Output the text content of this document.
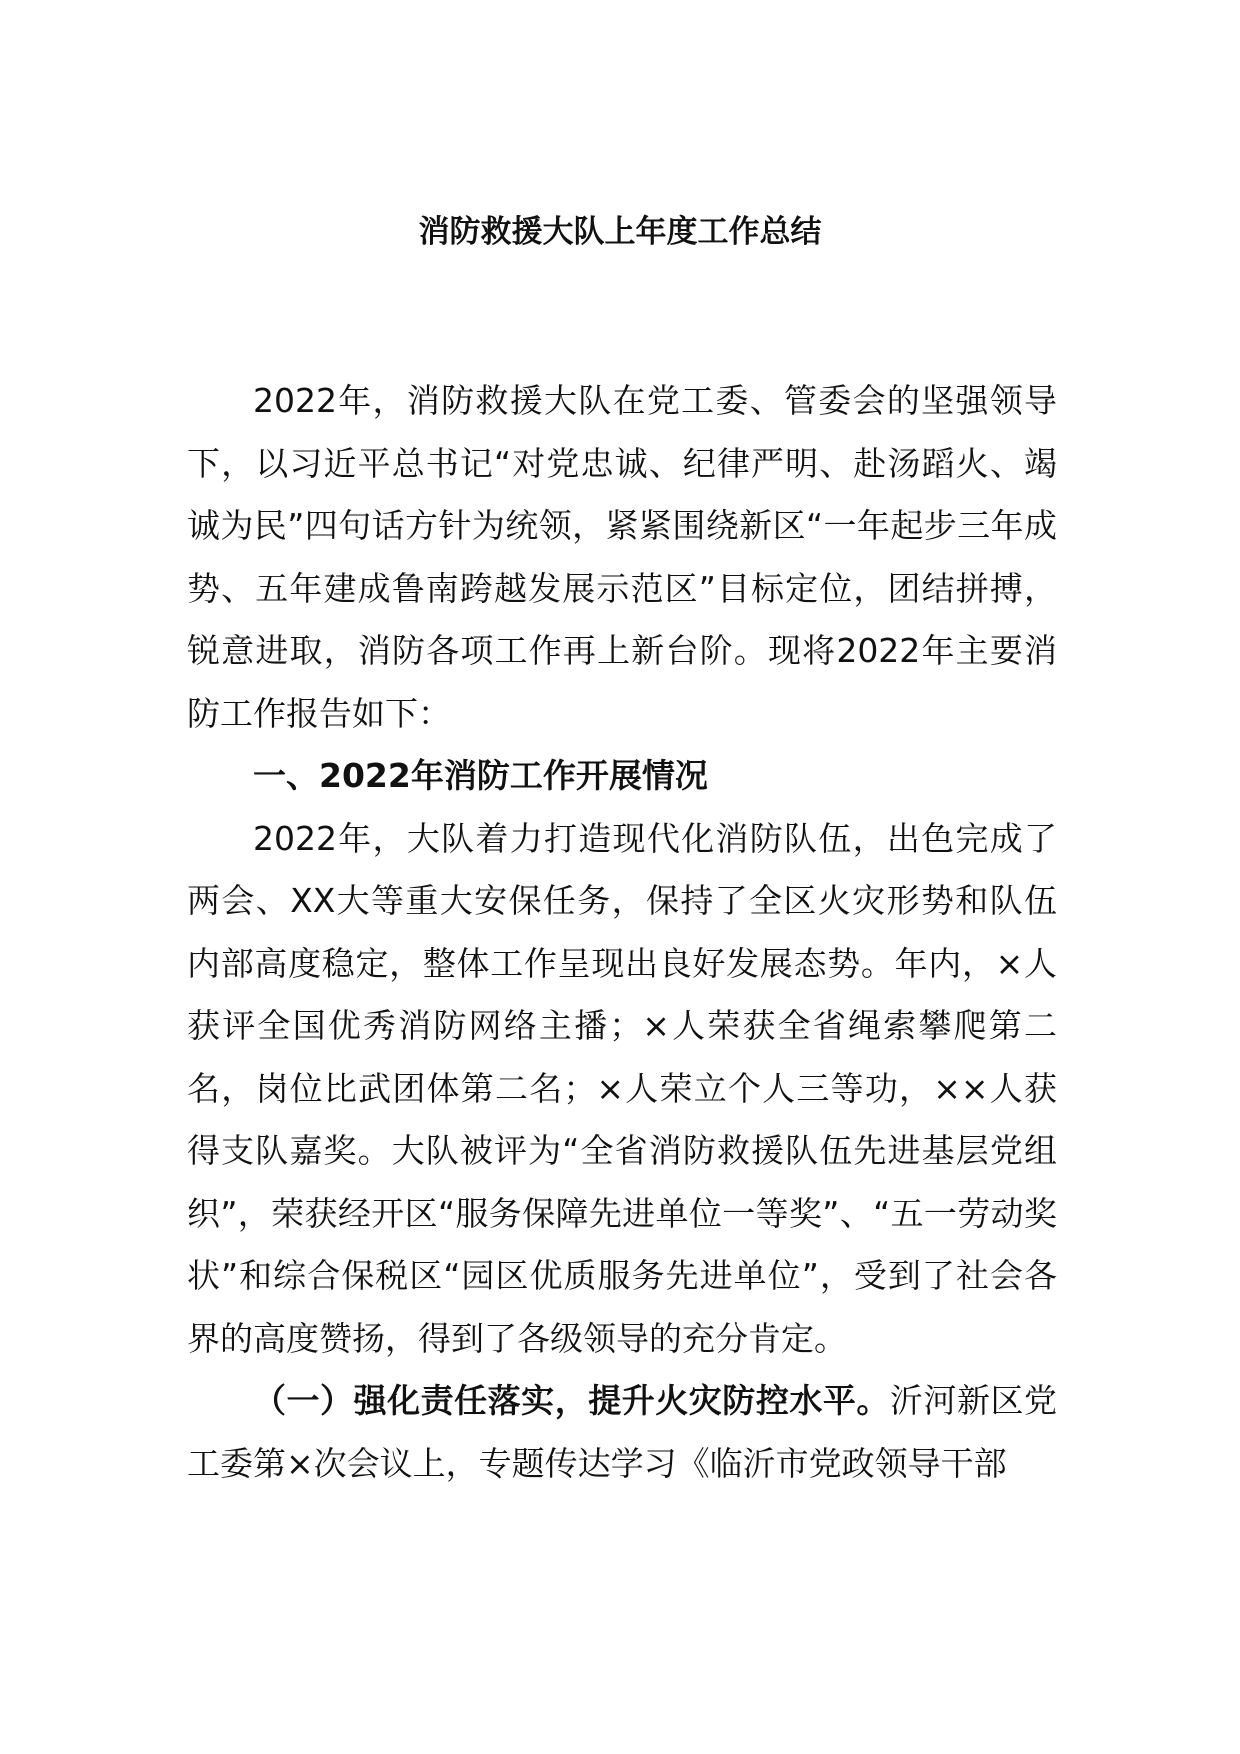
消防救援大队上年度工作总结

2022年，消防救援大队在党工委、管委会的坚强领导下，以习近平总书记“对党忠诚、纪律严明、赴汤蹈火、竭诚为民”四句话方针为统领，紧紧围绕新区“一年起步三年成势、五年建成鲁南跨越发展示范区”目标定位，团结拼搏，锐意进取，消防各项工作再上新台阶。现将2022年主要消防工作报告如下：

一、2022年消防工作开展情况

2022年，大队着力打造现代化消防队伍，出色完成了两会、XX大等重大安保任务，保持了全区火灾形势和队伍内部高度稳定，整体工作呈现出良好发展态势。年内，×人获评全国优秀消防网络主播；×人荣获全省绳索攀爬第二名，岗位比武团体第二名；×人荣立个人三等功，××人获得支队嘉奖。大队被评为“全省消防救援队伍先进基层党组织”，荣获经开区“服务保障先进单位一等奖”、“五一劳动奖状”和综合保税区“园区优质服务先进单位”，受到了社会各界的高度赞扬，得到了各级领导的充分肯定。

（一）强化责任落实，提升火灾防控水平。沂河新区党工委第×次会议上，专题传达学习《临沂市党政领导干部
